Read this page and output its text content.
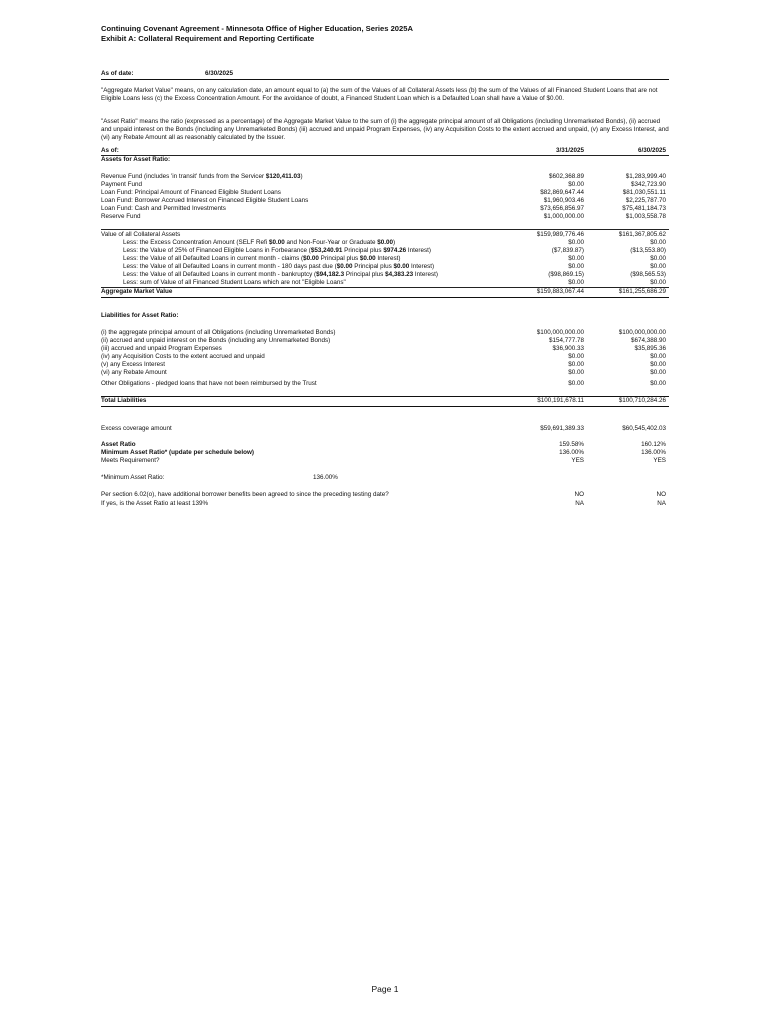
Continuing Covenant Agreement - Minnesota Office of Higher Education, Series 2025A
Exhibit A: Collateral Requirement and Reporting Certificate
As of date:	6/30/2025
"Aggregate Market Value" means, on any calculation date, an amount equal to (a) the sum of the Values of all Collateral Assets less (b) the sum of the Values of all Financed Student Loans that are not Eligible Loans less (c) the Excess Concentration Amount. For the avoidance of doubt, a Financed Student Loan which is a Defaulted Loan shall have a Value of $0.00.
"Asset Ratio" means the ratio (expressed as a percentage) of the Aggregate Market Value to the sum of (i) the aggregate principal amount of all Obligations (including Unremarketed Bonds), (ii) accrued and unpaid interest on the Bonds (including any Unremarketed Bonds) (iii) accrued and unpaid Program Expenses, (iv) any Acquisition Costs to the extent accrued and unpaid, (v) any Excess Interest, and (vi) any Rebate Amount all as reasonably calculated by the Issuer.
As of:	3/31/2025	6/30/2025
Assets for Asset Ratio:
Revenue Fund (includes 'in transit' funds from the Servicer $120,411.03)	$602,368.89	$1,283,999.40
Payment Fund	$0.00	$342,723.90
Loan Fund: Principal Amount of Financed Eligible Student Loans	$82,869,647.44	$81,030,551.11
Loan Fund: Borrower Accrued Interest on Financed Eligible Student Loans	$1,960,903.46	$2,225,787.70
Loan Fund: Cash and Permitted Investments	$73,656,856.97	$75,481,184.73
Reserve Fund	$1,000,000.00	$1,003,558.78
Value of all Collateral Assets	$159,989,776.46	$161,367,805.62
Less: the Excess Concentration Amount (SELF Refi $0.00 and Non-Four-Year or Graduate $0.00)	$0.00	$0.00
Less: the Value of 25% of Financed Eligible Loans in Forbearance ($53,240.91 Principal plus $974.26 Interest)	($7,839.87)	($13,553.80)
Less: the Value of all Defaulted Loans in current month - claims ($0.00 Principal plus $0.00 Interest)	$0.00	$0.00
Less: the Value of all Defaulted Loans in current month - 180 days past due ($0.00 Principal plus $0.00 Interest)	$0.00	$0.00
Less: the Value of all Defaulted Loans in current month - bankruptcy ($94,182.3 Principal plus $4,383.23 Interest)	($98,869.15)	($98,565.53)
Less: sum of Value of all Financed Student Loans which are not "Eligible Loans"	$0.00	$0.00
Aggregate Market Value	$159,883,067.44	$161,255,686.29
Liabilities for Asset Ratio:
(i) the aggregate principal amount of all Obligations (including Unremarketed Bonds)	$100,000,000.00	$100,000,000.00
(ii) accrued and unpaid interest on the Bonds (including any Unremarketed Bonds)	$154,777.78	$674,388.90
(iii) accrued and unpaid Program Expenses	$36,900.33	$35,895.36
(iv) any Acquisition Costs to the extent accrued and unpaid	$0.00	$0.00
(v) any Excess Interest	$0.00	$0.00
(vi) any Rebate Amount	$0.00	$0.00
Other Obligations - pledged loans that have not been reimbursed by the Trust	$0.00	$0.00
Total Liabilities	$100,191,678.11	$100,710,284.26
Excess coverage amount	$59,691,389.33	$60,545,402.03
Asset Ratio	159.58%	160.12%
Minimum Asset Ratio* (update per schedule below)	136.00%	136.00%
Meets Requirement?	YES	YES
*Minimum Asset Ratio:	136.00%
Per section 6.02(o), have additional borrower benefits been agreed to since the preceding testing date?	NO	NO
If yes, is the Asset Ratio at least 139%	NA	NA
Page 1
